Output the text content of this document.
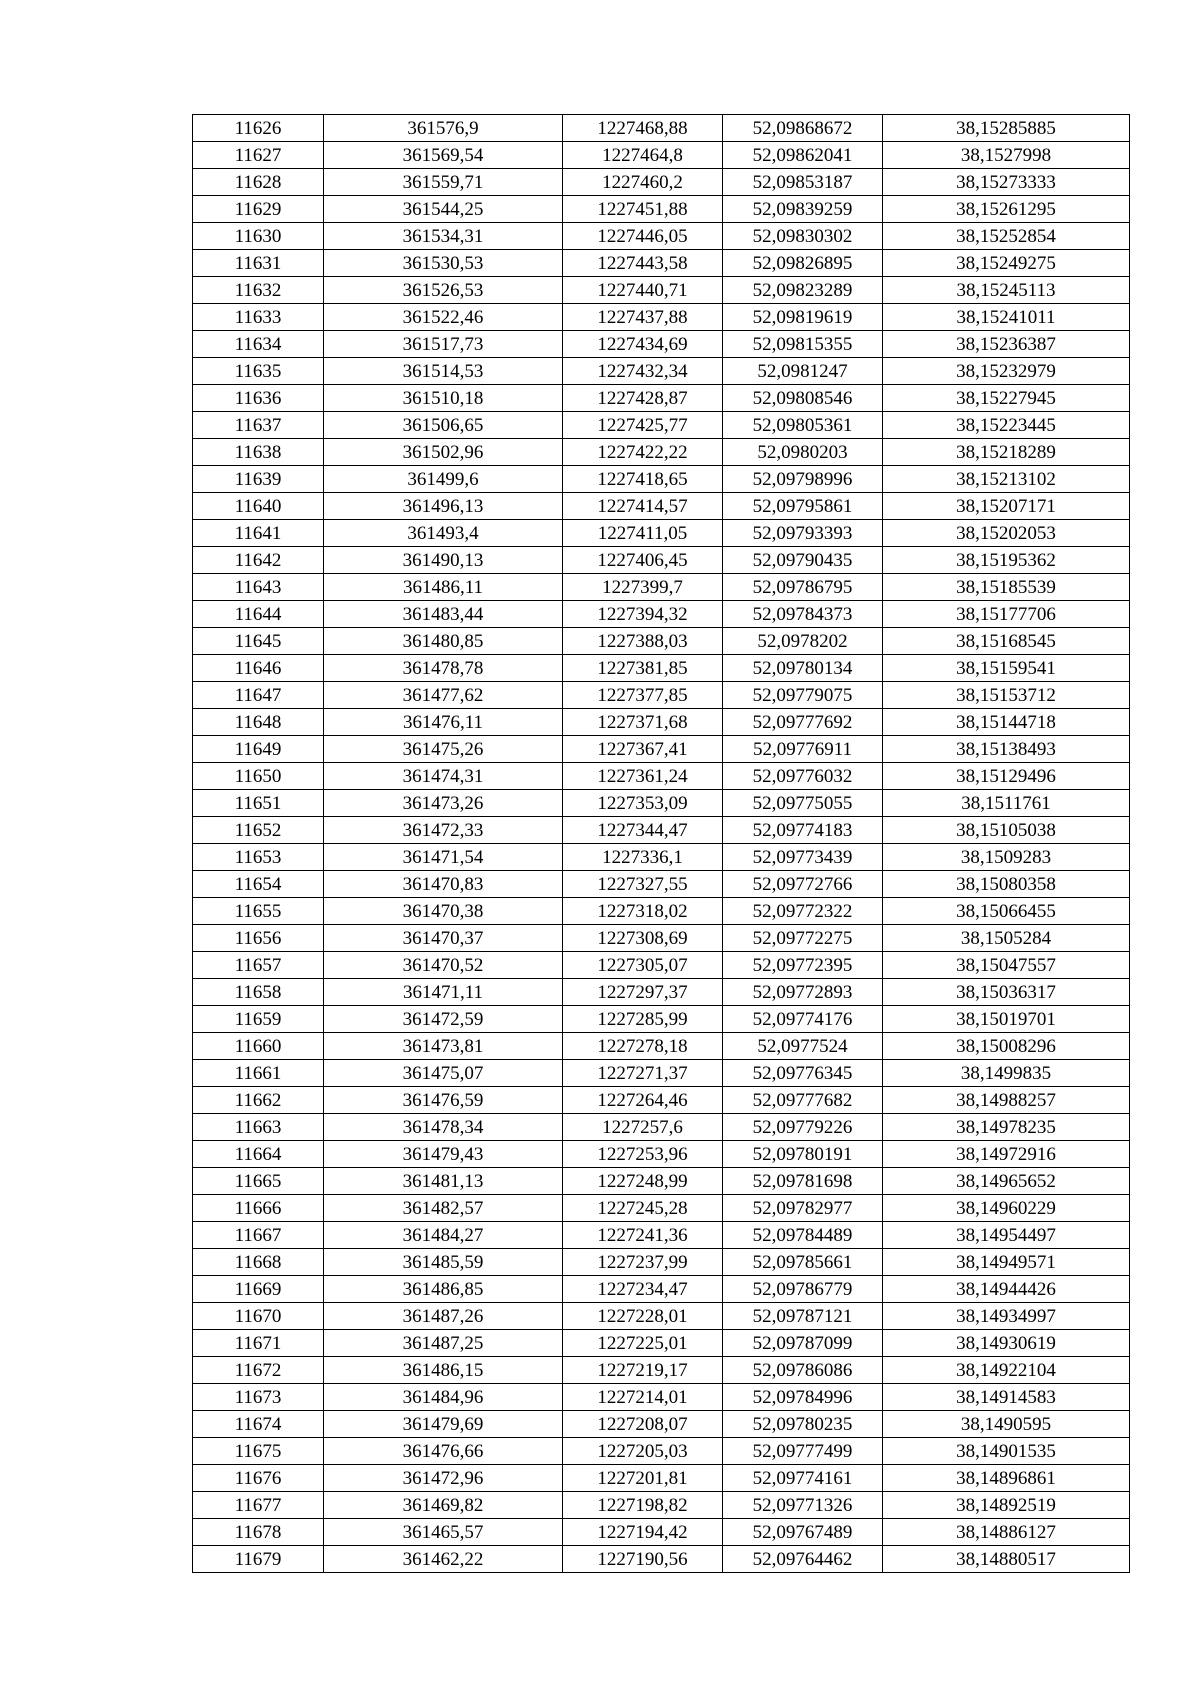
11626	361576,9	1227468,88	52,09868672	38,15285885
11627	361569,54	1227464,8	52,09862041	38,1527998
11628	361559,71	1227460,2	52,09853187	38,15273333
11629	361544,25	1227451,88	52,09839259	38,15261295
11630	361534,31	1227446,05	52,09830302	38,15252854
11631	361530,53	1227443,58	52,09826895	38,15249275
11632	361526,53	1227440,71	52,09823289	38,15245113
11633	361522,46	1227437,88	52,09819619	38,15241011
11634	361517,73	1227434,69	52,09815355	38,15236387
11635	361514,53	1227432,34	52,0981247	38,15232979
11636	361510,18	1227428,87	52,09808546	38,15227945
11637	361506,65	1227425,77	52,09805361	38,15223445
11638	361502,96	1227422,22	52,0980203	38,15218289
11639	361499,6	1227418,65	52,09798996	38,15213102
11640	361496,13	1227414,57	52,09795861	38,15207171
11641	361493,4	1227411,05	52,09793393	38,15202053
11642	361490,13	1227406,45	52,09790435	38,15195362
11643	361486,11	1227399,7	52,09786795	38,15185539
11644	361483,44	1227394,32	52,09784373	38,15177706
11645	361480,85	1227388,03	52,0978202	38,15168545
11646	361478,78	1227381,85	52,09780134	38,15159541
11647	361477,62	1227377,85	52,09779075	38,15153712
11648	361476,11	1227371,68	52,09777692	38,15144718
11649	361475,26	1227367,41	52,09776911	38,15138493
11650	361474,31	1227361,24	52,09776032	38,15129496
11651	361473,26	1227353,09	52,09775055	38,1511761
11652	361472,33	1227344,47	52,09774183	38,15105038
11653	361471,54	1227336,1	52,09773439	38,1509283
11654	361470,83	1227327,55	52,09772766	38,15080358
11655	361470,38	1227318,02	52,09772322	38,15066455
11656	361470,37	1227308,69	52,09772275	38,1505284
11657	361470,52	1227305,07	52,09772395	38,15047557
11658	361471,11	1227297,37	52,09772893	38,15036317
11659	361472,59	1227285,99	52,09774176	38,15019701
11660	361473,81	1227278,18	52,0977524	38,15008296
11661	361475,07	1227271,37	52,09776345	38,1499835
11662	361476,59	1227264,46	52,09777682	38,14988257
11663	361478,34	1227257,6	52,09779226	38,14978235
11664	361479,43	1227253,96	52,09780191	38,14972916
11665	361481,13	1227248,99	52,09781698	38,14965652
11666	361482,57	1227245,28	52,09782977	38,14960229
11667	361484,27	1227241,36	52,09784489	38,14954497
11668	361485,59	1227237,99	52,09785661	38,14949571
11669	361486,85	1227234,47	52,09786779	38,14944426
11670	361487,26	1227228,01	52,09787121	38,14934997
11671	361487,25	1227225,01	52,09787099	38,14930619
11672	361486,15	1227219,17	52,09786086	38,14922104
11673	361484,96	1227214,01	52,09784996	38,14914583
11674	361479,69	1227208,07	52,09780235	38,1490595
11675	361476,66	1227205,03	52,09777499	38,14901535
11676	361472,96	1227201,81	52,09774161	38,14896861
11677	361469,82	1227198,82	52,09771326	38,14892519
11678	361465,57	1227194,42	52,09767489	38,14886127
11679	361462,22	1227190,56	52,09764462	38,14880517
